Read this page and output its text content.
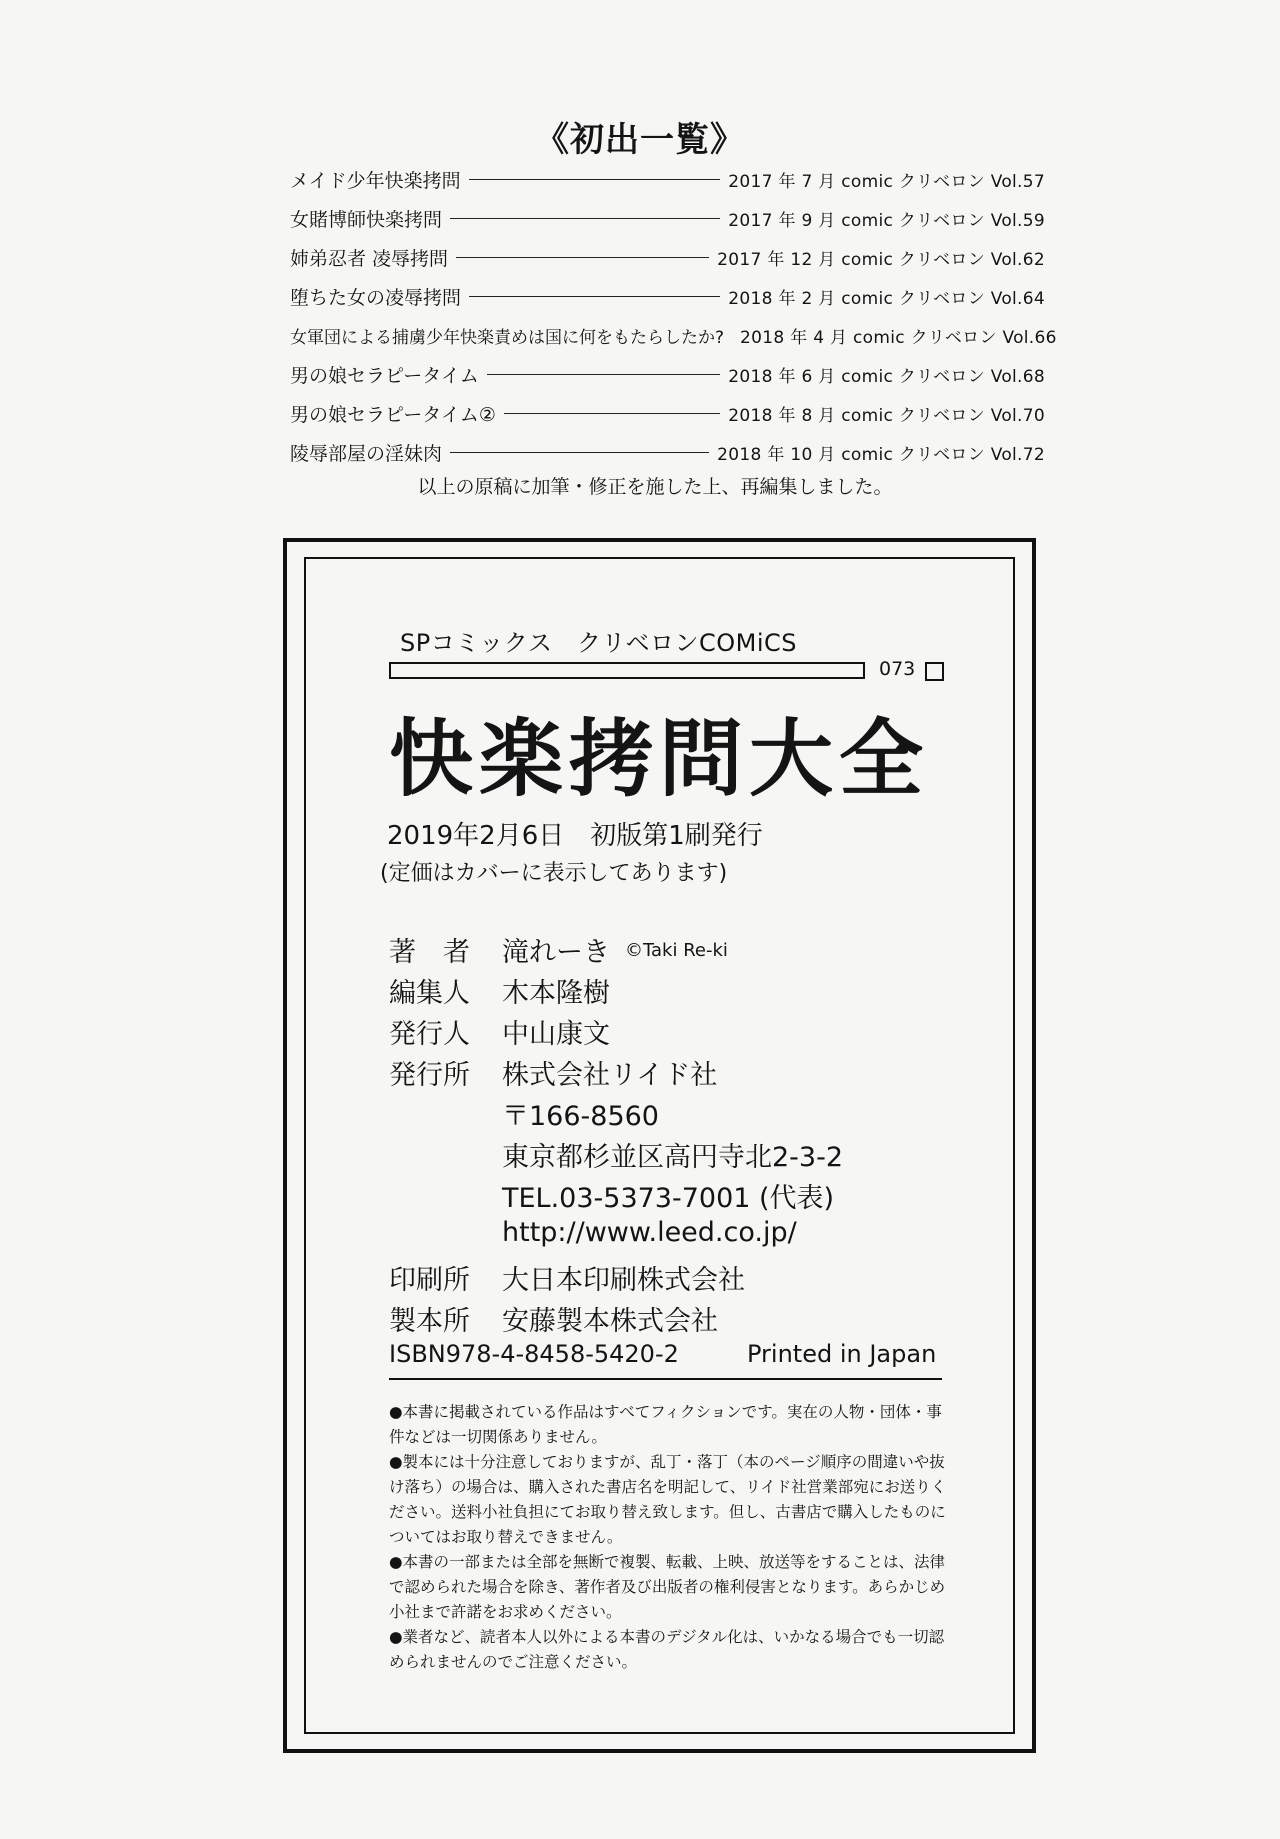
《初出一覧》
メイド少年快楽拷問	2017 年 7 月 comic クリベロン Vol.57
女賭博師快楽拷問	2017 年 9 月 comic クリベロン Vol.59
姉弟忍者 凌辱拷問	2017 年 12 月 comic クリベロン Vol.62
堕ちた女の凌辱拷問	2018 年 2 月 comic クリベロン Vol.64
女軍団による捕虜少年快楽責めは国に何をもたらしたか? 2018 年 4 月 comic クリベロン Vol.66
男の娘セラピータイム	2018 年 6 月 comic クリベロン Vol.68
男の娘セラピータイム②	2018 年 8 月 comic クリベロン Vol.70
陵辱部屋の淫妹肉	2018 年 10 月 comic クリベロン Vol.72
以上の原稿に加筆・修正を施した上、再編集しました。
SPコミックス　クリベロンCOMiCS
073
快楽拷問大全
2019年2月6日　初版第1刷発行
(定価はカバーに表示してあります)
著　者	滝れーき ©Taki Re-ki
編集人	木本隆樹
発行人	中山康文
発行所	株式会社リイド社
〒166-8560
東京都杉並区高円寺北2-3-2
TEL.03-5373-7001 (代表)
http://www.leed.co.jp/
印刷所	大日本印刷株式会社
製本所	安藤製本株式会社
ISBN978-4-8458-5420-2	Printed in Japan

●本書に掲載されている作品はすべてフィクションです。実在の人物・団体・事件などは一切関係ありません。

●製本には十分注意しておりますが、乱丁・落丁（本のページ順序の間違いや抜け落ち）の場合は、購入された書店名を明記して、リイド社営業部宛にお送りください。送料小社負担にてお取り替え致します。但し、古書店で購入したものについてはお取り替えできません。

●本書の一部または全部を無断で複製、転載、上映、放送等をすることは、法律で認められた場合を除き、著作者及び出版者の権利侵害となります。あらかじめ小社まで許諾をお求めください。

●業者など、読者本人以外による本書のデジタル化は、いかなる場合でも一切認められませんのでご注意ください。
